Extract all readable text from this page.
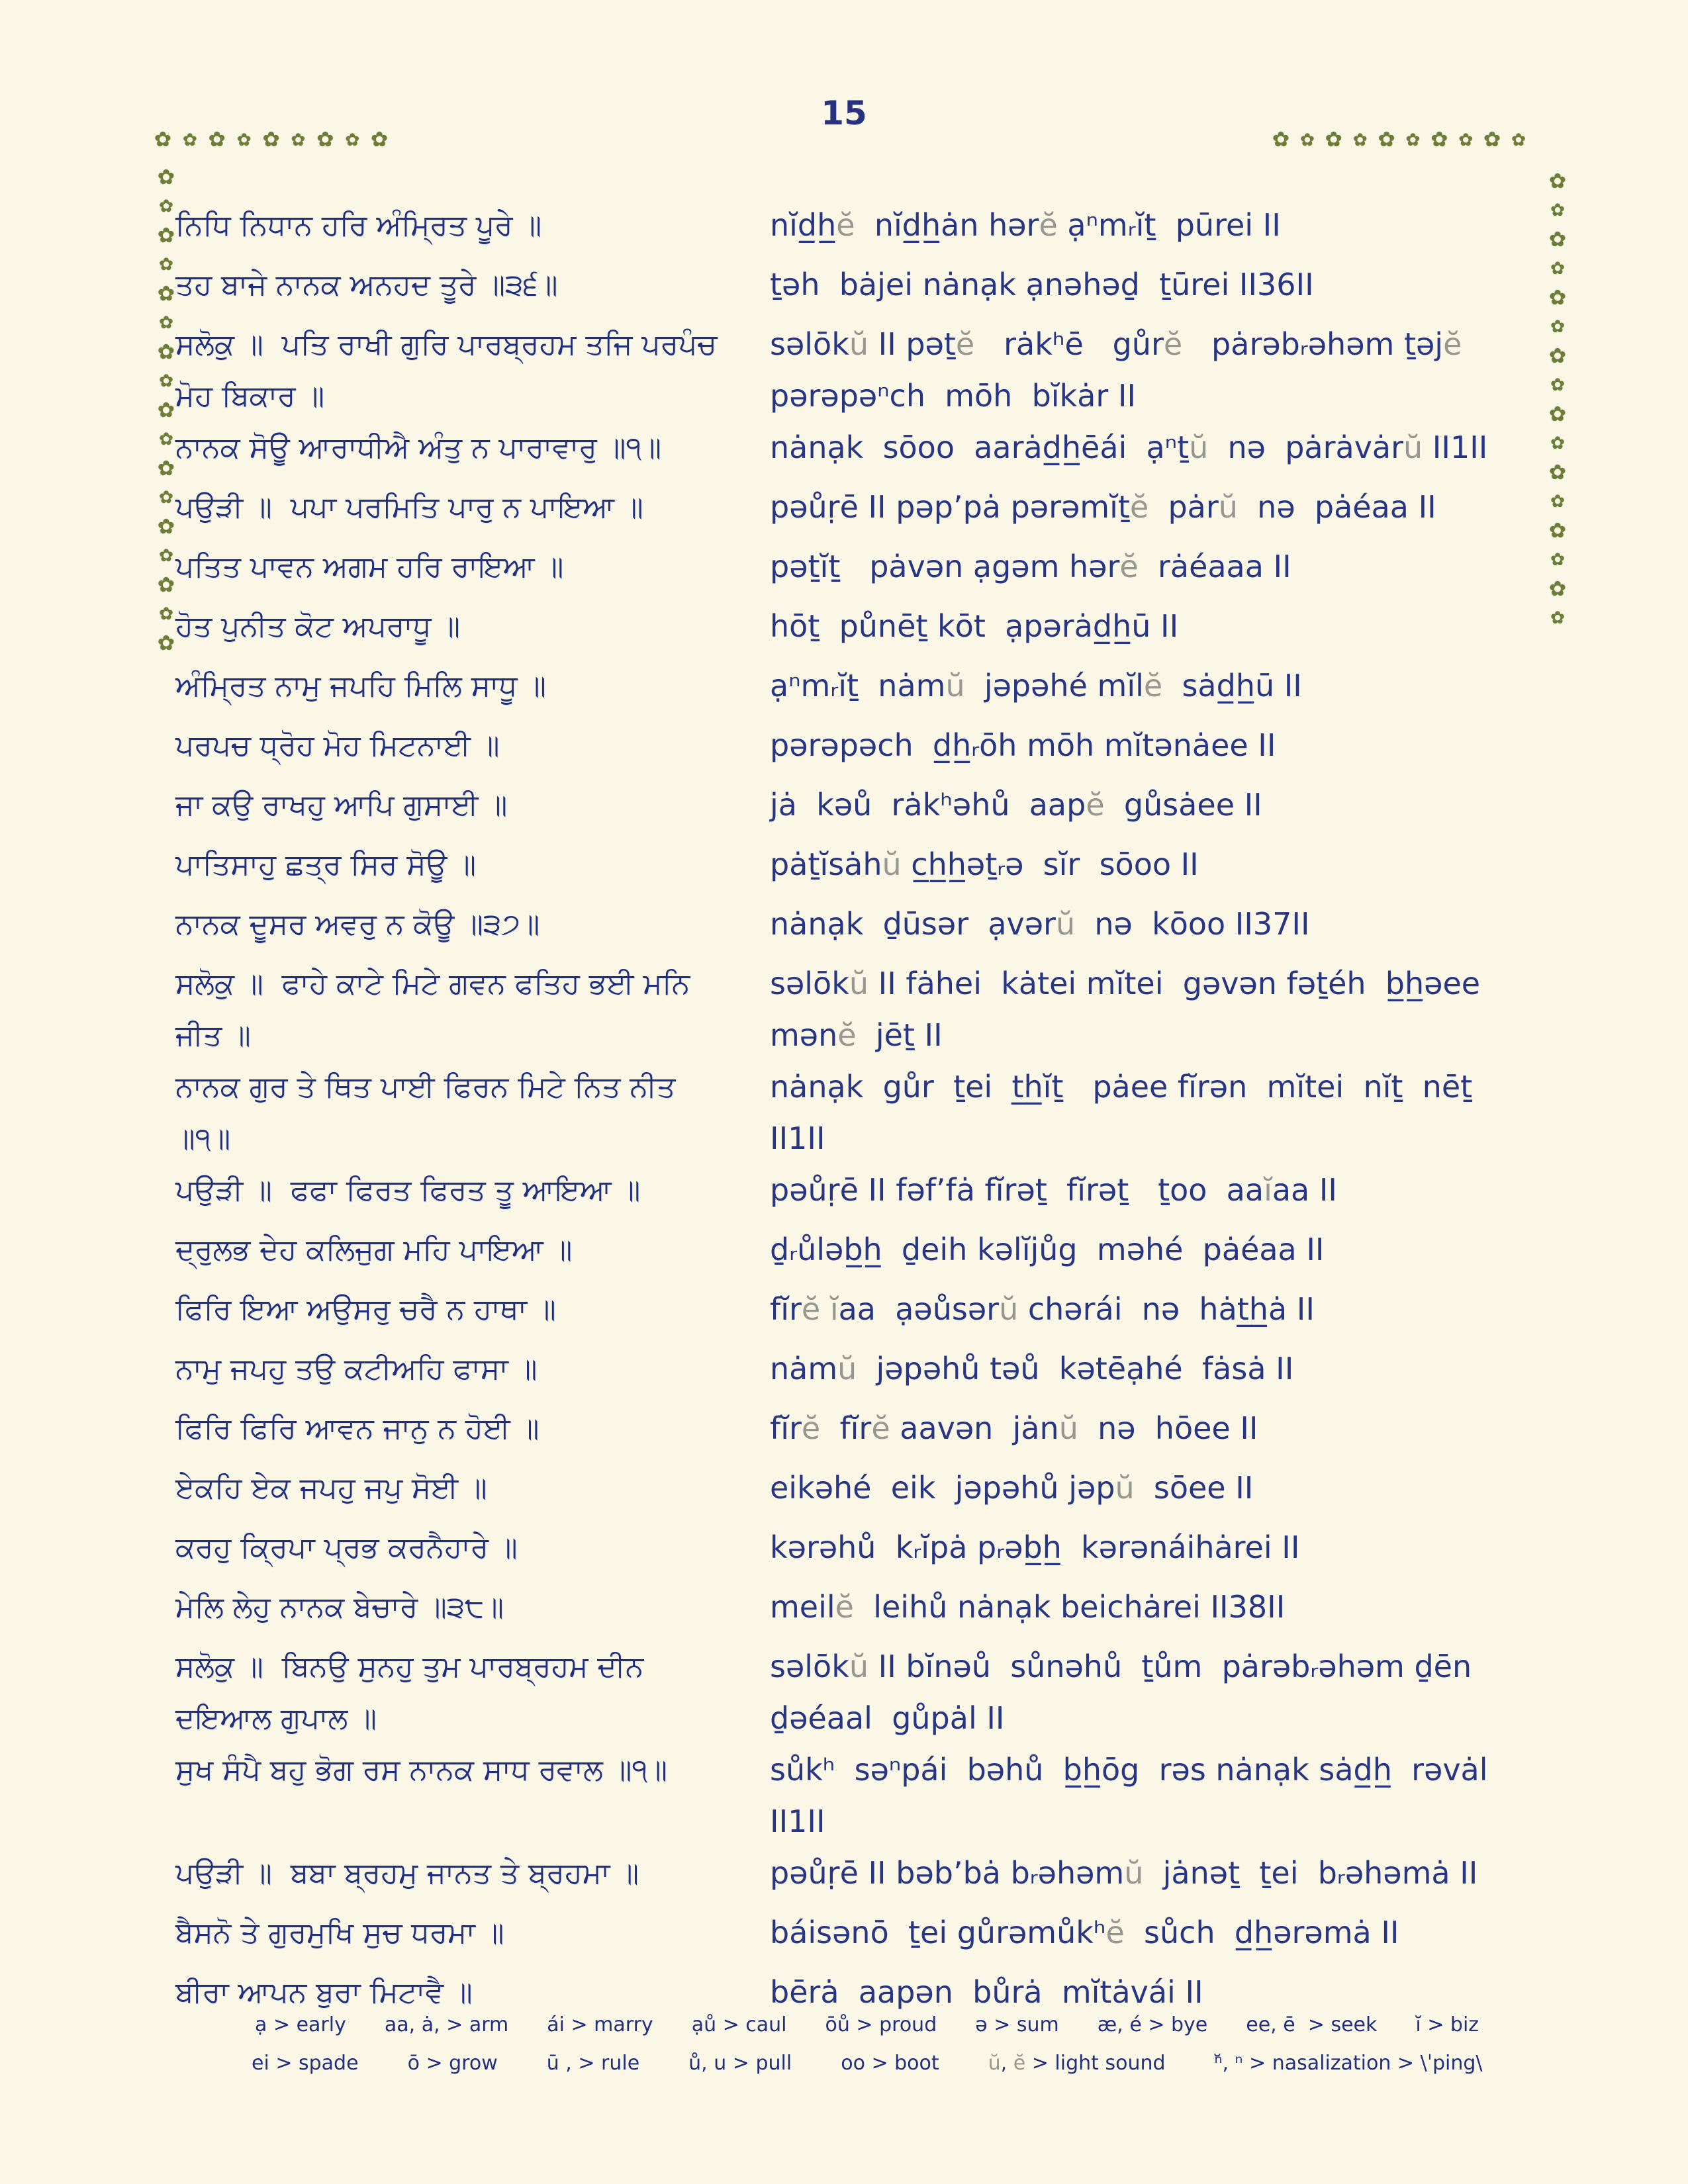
15
✿ ✿ ✿ ✿ ✿ ✿ ✿ ✿ ✿	✿ ✿ ✿ ✿ ✿ ✿ ✿ ✿ ✿ ✿
✿
✿
✿
✿
✿
✿
✿
✿
✿
✿
✿
✿
✿
✿
✿
✿
✿
✿
✿
✿
✿
✿
✿
✿
✿
✿
✿
✿
✿
✿
✿
✿
✿
ਨਿਧਿ ਨਿਧਾਨ ਹਰਿ ਅੰਮ੍ਰਿਤ ਪੂਰੇ ॥	nĭd̲h̲ĕ  nĭd̲h̲ȧn hərĕ ạⁿmᵣĭṯ  pūrei II
ਤਹ ਬਾਜੇ ਨਾਨਕ ਅਨਹਦ ਤੂਰੇ ॥੩੬॥	ṯəh  bȧjei nȧnạk ạnəhəḏ  ṯūrei II36II
ਸਲੋਕੁ ॥  ਪਤਿ ਰਾਖੀ ਗੁਰਿ ਪਾਰਬ੍ਰਹਮ ਤਜਿ ਪਰਪੰਚ	səlōkŭ II pəṯĕ   rȧkʰē   gůrĕ   pȧrəbᵣəhəm ṯəjĕ
ਮੋਹ ਬਿਕਾਰ ॥	pərəpəⁿch  mōh  bĭkȧr II
ਨਾਨਕ ਸੋਊ ਆਰਾਧੀਐ ਅੰਤੁ ਨ ਪਾਰਾਵਾਰੁ ॥੧॥	nȧnạk  sōoo  aarȧd̲h̲ēái  ạⁿṯŭ  nə  pȧrȧvȧrŭ II1II
ਪਉੜੀ ॥  ਪਪਾ ਪਰਮਿਤਿ ਪਾਰੁ ਨ ਪਾਇਆ ॥	pəůṛē II pəpʼpȧ pərəmĭṯĕ  pȧrŭ  nə  pȧéaa II
ਪਤਿਤ ਪਾਵਨ ਅਗਮ ਹਰਿ ਰਾਇਆ ॥	pəṯĭṯ   pȧvən ạgəm hərĕ  rȧéaaa II
ਹੋਤ ਪੁਨੀਤ ਕੋਟ ਅਪਰਾਧੂ ॥	hōṯ  půnēṯ kōt  ạpərȧd̲h̲ū II
ਅੰਮ੍ਰਿਤ ਨਾਮੁ ਜਪਹਿ ਮਿਲਿ ਸਾਧੂ ॥	ạⁿmᵣĭṯ  nȧmŭ  jəpəhé mĭlĕ  sȧd̲h̲ū II
ਪਰਪਚ ਧ੍ਰੋਹ ਮੋਹ ਮਿਟਨਾਈ ॥	pərəpəch  d̲h̲ᵣōh mōh mĭtənȧee II
ਜਾ ਕਉ ਰਾਖਹੁ ਆਪਿ ਗੁਸਾਈ ॥	jȧ  kəů  rȧkʰəhů  aapĕ  gůsȧee II
ਪਾਤਿਸਾਹੁ ਛਤ੍ਰ ਸਿਰ ਸੋਊ ॥	pȧṯĭsȧhŭ c̲h̲h̲əṯᵣə  sĭr  sōoo II
ਨਾਨਕ ਦੂਸਰ ਅਵਰੁ ਨ ਕੋਊ ॥੩੭॥	nȧnạk  ḏūsər  ạvərŭ  nə  kōoo II37II
ਸਲੋਕੁ ॥  ਫਾਹੇ ਕਾਟੇ ਮਿਟੇ ਗਵਨ ਫਤਿਹ ਭਈ ਮਨਿ	səlōkŭ II fȧhei  kȧtei mĭtei  gəvən fəṯéh  b̲h̲əee
ਜੀਤ ॥	mənĕ  jēṯ II
ਨਾਨਕ ਗੁਰ ਤੇ ਥਿਤ ਪਾਈ ਫਿਰਨ ਮਿਟੇ ਨਿਤ ਨੀਤ	nȧnạk  gůr  ṯei  t̲h̲ĭṯ   pȧee fĭrən  mĭtei  nĭṯ  nēṯ
॥੧॥	II1II
ਪਉੜੀ ॥  ਫਫਾ ਫਿਰਤ ਫਿਰਤ ਤੂ ਆਇਆ ॥	pəůṛē II fəfʼfȧ fĭrəṯ  fĭrəṯ   ṯoo  aaĭaa II
ਦ੍ਰੁਲਭ ਦੇਹ ਕਲਿਜੁਗ ਮਹਿ ਪਾਇਆ ॥	ḏᵣůləb̲h̲  ḏeih kəlĭjůg  məhé  pȧéaa II
ਫਿਰਿ ਇਆ ਅਉਸਰੁ ਚਰੈ ਨ ਹਾਥਾ ॥	fĭrĕ ĭaa  ạəůsərŭ chərái  nə  hȧt̲h̲ȧ II
ਨਾਮੁ ਜਪਹੁ ਤਉ ਕਟੀਅਹਿ ਫਾਸਾ ॥	nȧmŭ  jəpəhů təů  kətēạhé  fȧsȧ II
ਫਿਰਿ ਫਿਰਿ ਆਵਨ ਜਾਨੁ ਨ ਹੋਈ ॥	fĭrĕ  fĭrĕ aavən  jȧnŭ  nə  hōee II
ਏਕਹਿ ਏਕ ਜਪਹੁ ਜਪੁ ਸੋਈ ॥	eikəhé  eik  jəpəhů jəpŭ  sōee II
ਕਰਹੁ ਕ੍ਰਿਪਾ ਪ੍ਰਭ ਕਰਨੈਹਾਰੇ ॥	kərəhů  kᵣĭpȧ pᵣəb̲h̲  kərənáihȧrei II
ਮੇਲਿ ਲੇਹੁ ਨਾਨਕ ਬੇਚਾਰੇ ॥੩੮॥	meilĕ  leihů nȧnạk beichȧrei II38II
ਸਲੋਕੁ ॥  ਬਿਨਉ ਸੁਨਹੁ ਤੁਮ ਪਾਰਬ੍ਰਹਮ ਦੀਨ	səlōkŭ II bĭnəů  sůnəhů  ṯům  pȧrəbᵣəhəm ḏēn
ਦਇਆਲ ਗੁਪਾਲ ॥	ḏəéaal  gůpȧl II
ਸੁਖ ਸੰਪੈ ਬਹੁ ਭੋਗ ਰਸ ਨਾਨਕ ਸਾਧ ਰਵਾਲ ॥੧॥	sůkʰ  səⁿpái  bəhů  b̲h̲ōg  rəs nȧnạk sȧd̲h̲  rəvȧl
II1II
ਪਉੜੀ ॥  ਬਬਾ ਬ੍ਰਹਮੁ ਜਾਨਤ ਤੇ ਬ੍ਰਹਮਾ ॥	pəůṛē II bəbʼbȧ bᵣəhəmŭ  jȧnəṯ  ṯei  bᵣəhəmȧ II
ਬੈਸਨੋ ਤੇ ਗੁਰਮੁਖਿ ਸੁਚ ਧਰਮਾ ॥	báisənō  ṯei gůrəmůkʰĕ  sůch  d̲h̲ərəmȧ II
ਬੀਰਾ ਆਪਨ ਬੁਰਾ ਮਿਟਾਵੈ ॥	bērȧ  aapən  bůrȧ  mĭtȧvái II
ạ > early aa, ȧ, > arm ái > marry ạů > caul ōů > proud ə > sum æ, é > bye ee, ē  > seek ĭ > biz
ei > spade ō > grow ū , > rule ů, u > pull oo > boot ŭ, ĕ > light sound ⁿ̆, ⁿ > nasalization > \ˈping\
